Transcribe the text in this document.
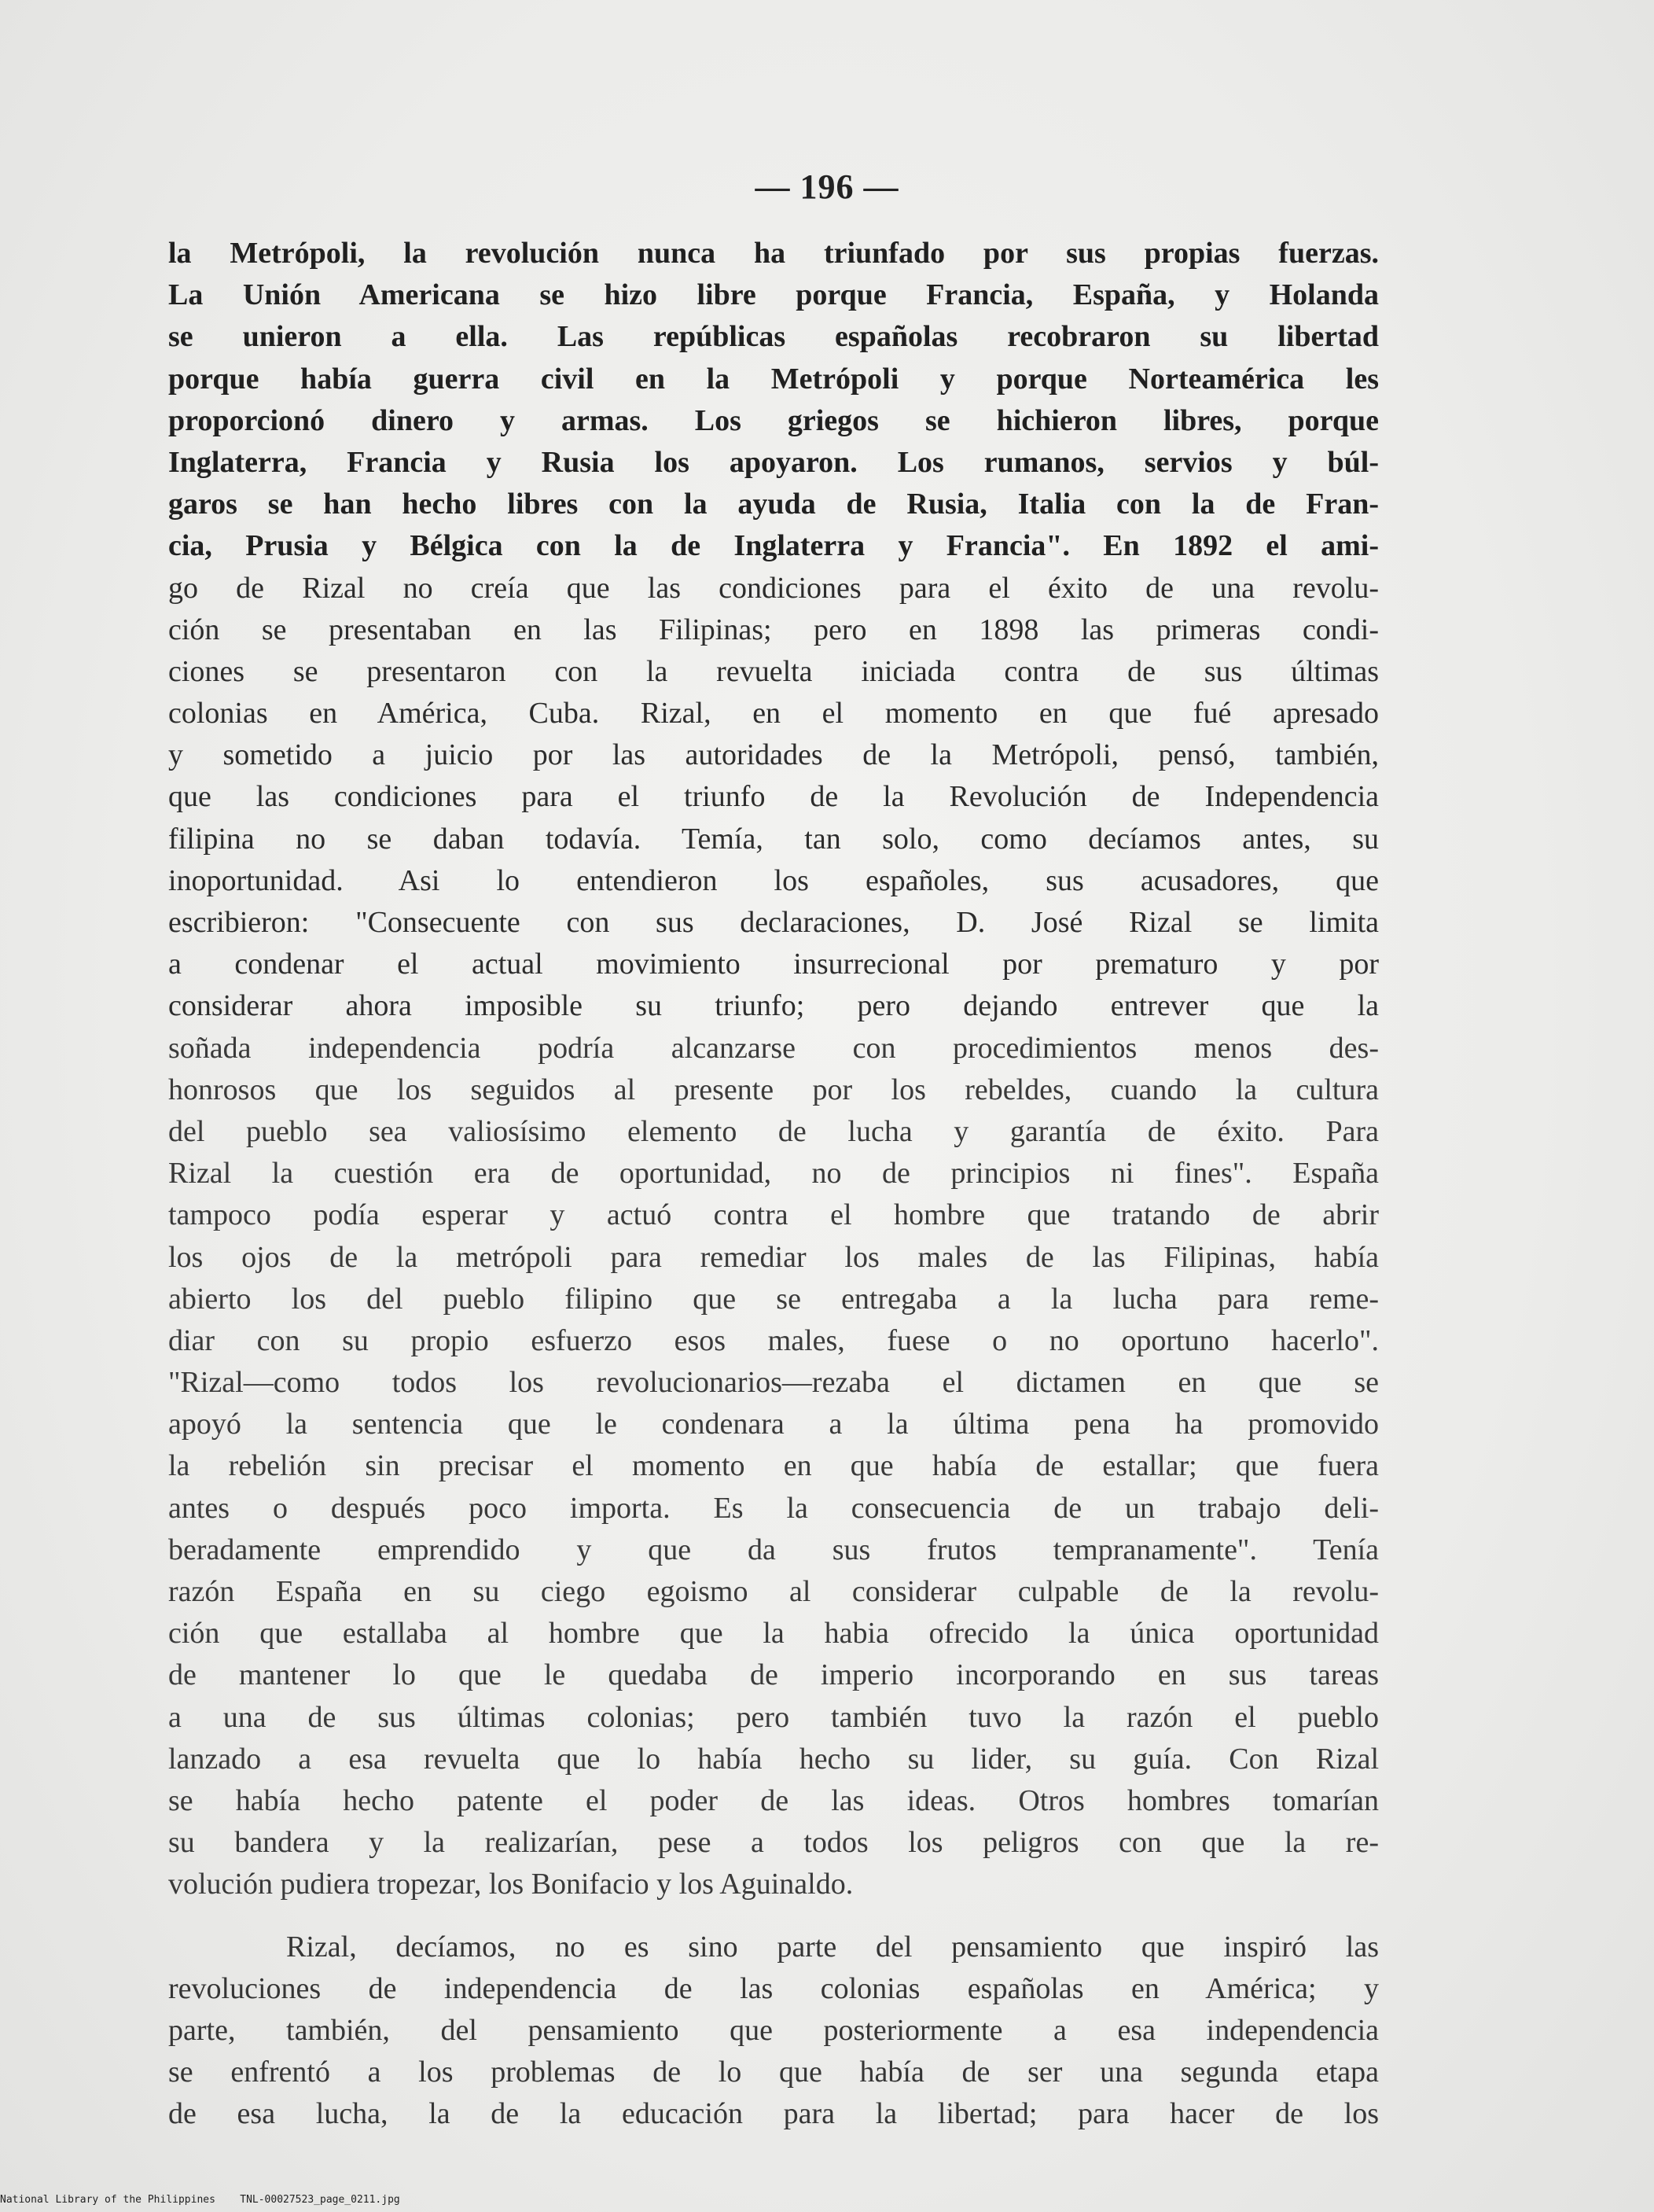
— 196 —
la Metrópoli, la revolución nunca ha triunfado por sus propias fuerzas.
La Unión Americana se hizo libre porque Francia, España, y Holanda
se unieron a ella. Las repúblicas españolas recobraron su libertad
porque había guerra civil en la Metrópoli y porque Norteamérica les
proporcionó dinero y armas. Los griegos se hichieron libres, porque
Inglaterra, Francia y Rusia los apoyaron. Los rumanos, servios y búl-
garos se han hecho libres con la ayuda de Rusia, Italia con la de Fran-
cia, Prusia y Bélgica con la de Inglaterra y Francia". En 1892 el ami-
go de Rizal no creía que las condiciones para el éxito de una revolu-
ción se presentaban en las Filipinas; pero en 1898 las primeras condi-
ciones se presentaron con la revuelta iniciada contra de sus últimas
colonias en América, Cuba. Rizal, en el momento en que fué apresado
y sometido a juicio por las autoridades de la Metrópoli, pensó, también,
que las condiciones para el triunfo de la Revolución de Independencia
filipina no se daban todavía. Temía, tan solo, como decíamos antes, su
inoportunidad. Asi lo entendieron los españoles, sus acusadores, que
escribieron: "Consecuente con sus declaraciones, D. José Rizal se limita
a condenar el actual movimiento insurrecional por prematuro y por
considerar ahora imposible su triunfo; pero dejando entrever que la
soñada independencia podría alcanzarse con procedimientos menos des-
honrosos que los seguidos al presente por los rebeldes, cuando la cultura
del pueblo sea valiosísimo elemento de lucha y garantía de éxito. Para
Rizal la cuestión era de oportunidad, no de principios ni fines". España
tampoco podía esperar y actuó contra el hombre que tratando de abrir
los ojos de la metrópoli para remediar los males de las Filipinas, había
abierto los del pueblo filipino que se entregaba a la lucha para reme-
diar con su propio esfuerzo esos males, fuese o no oportuno hacerlo".
"Rizal—como todos los revolucionarios—rezaba el dictamen en que se
apoyó la sentencia que le condenara a la última pena ha promovido
la rebelión sin precisar el momento en que había de estallar; que fuera
antes o después poco importa. Es la consecuencia de un trabajo deli-
beradamente emprendido y que da sus frutos tempranamente". Tenía
razón España en su ciego egoismo al considerar culpable de la revolu-
ción que estallaba al hombre que la habia ofrecido la única oportunidad
de mantener lo que le quedaba de imperio incorporando en sus tareas
a una de sus últimas colonias; pero también tuvo la razón el pueblo
lanzado a esa revuelta que lo había hecho su lider, su guía. Con Rizal
se había hecho patente el poder de las ideas. Otros hombres tomarían
su bandera y la realizarían, pese a todos los peligros con que la re-
volución pudiera tropezar, los Bonifacio y los Aguinaldo.
Rizal, decíamos, no es sino parte del pensamiento que inspiró las
revoluciones de independencia de las colonias españolas en América; y
parte, también, del pensamiento que posteriormente a esa independencia
se enfrentó a los problemas de lo que había de ser una segunda etapa
de esa lucha, la de la educación para la libertad; para hacer de los
National Library of the Philippines    TNL-00027523_page_0211.jpg
